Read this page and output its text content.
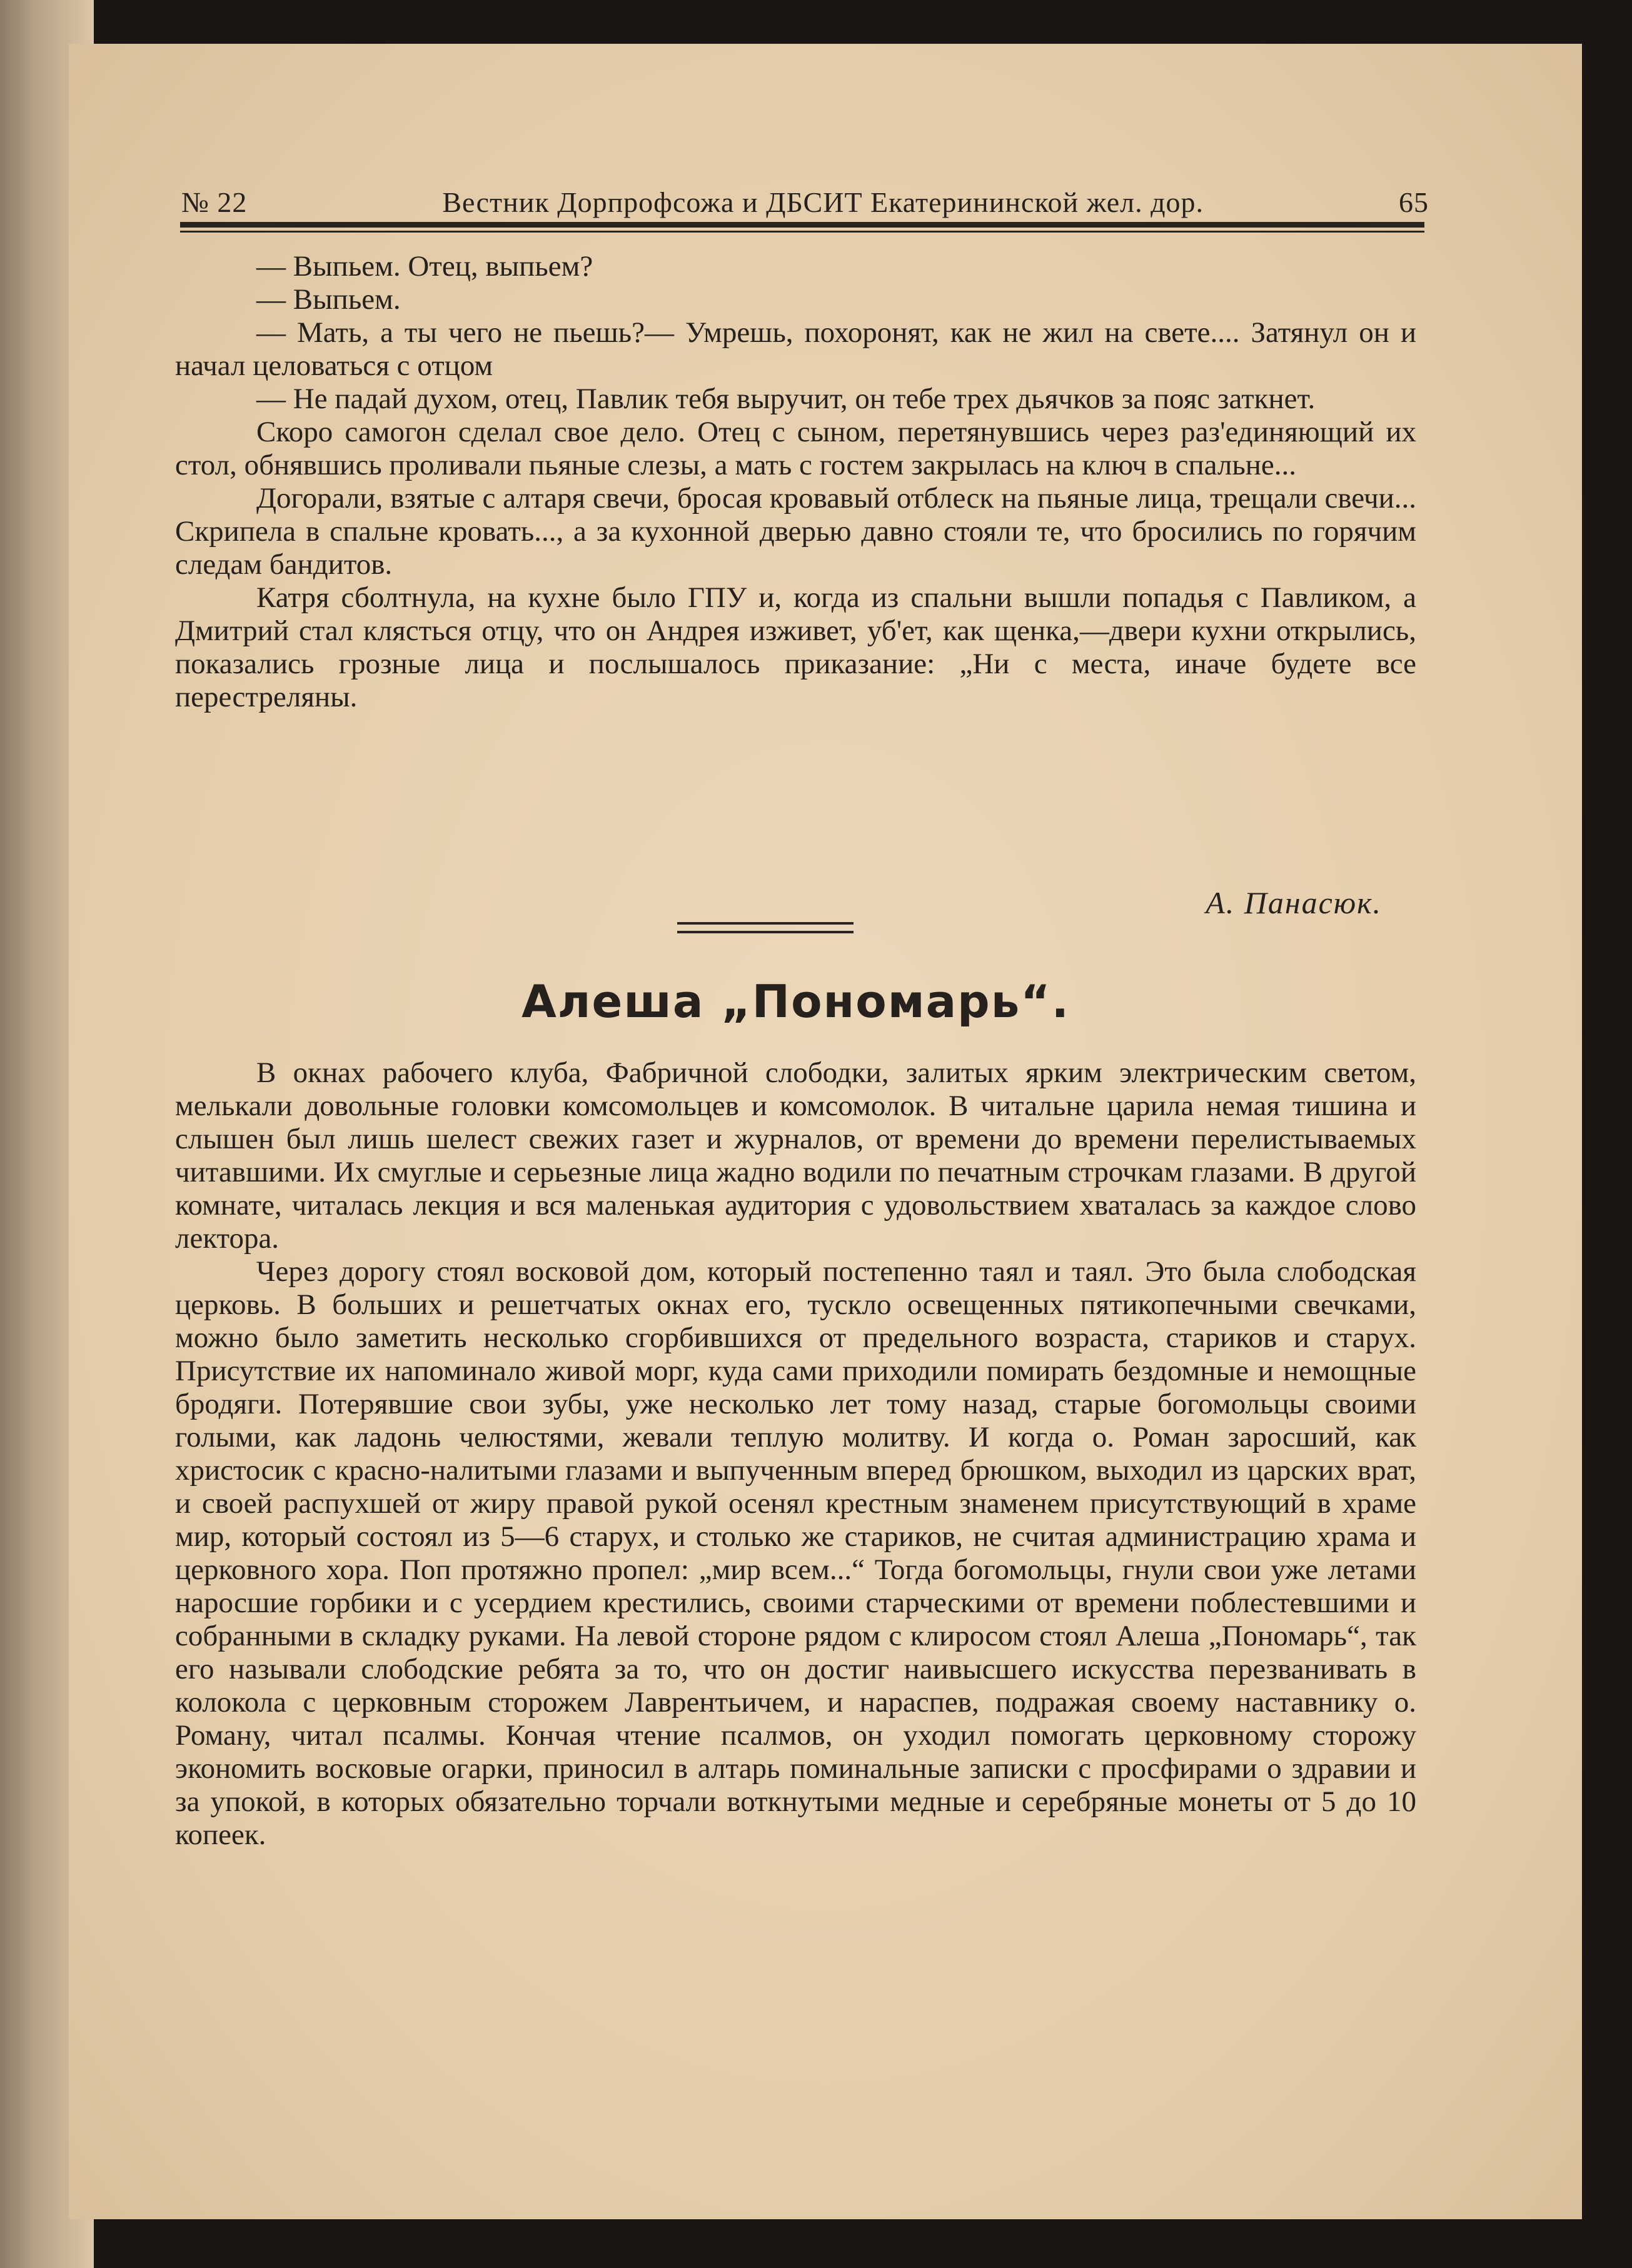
№ 22	Вестник Дорпрофсожа и ДБСИТ Екатерининской жел. дор.	65

— Выпьем. Отец, выпьем?

— Выпьем.

— Мать, а ты чего не пьешь?— Умрешь, похоронят, как не жил на свете.... Затянул он и начал целоваться с отцом

— Не падай духом, отец, Павлик тебя выручит, он тебе трех дьячков за пояс заткнет.

Скоро самогон сделал свое дело. Отец с сыном, перетянувшись через раз'единяющий их стол, обнявшись проливали пьяные слезы, а мать с гостем закрылась на ключ в спальне...

Догорали, взятые с алтаря свечи, бросая кровавый отблеск на пьяные лица, трещали свечи... Скрипела в спальне кровать..., а за кухонной дверью давно стояли те, что бросились по горячим следам бандитов.

Катря сболтнула, на кухне было ГПУ и, когда из спальни вышли попадья с Павликом, а Дмитрий стал клясться отцу, что он Андрея изживет, уб'ет, как щенка,—двери кухни открылись, показались грозные лица и послышалось приказание: „Ни с места, иначе будете все перестреляны.

А. Панасюк.
Алеша „Пономарь“.

В окнах рабочего клуба, Фабричной слободки, залитых ярким электрическим светом, мелькали довольные головки комсомольцев и комсомолок. В читальне царила немая тишина и слышен был лишь шелест свежих газет и журналов, от времени до времени перелистываемых читавшими. Их смуглые и серьезные лица жадно водили по печатным строчкам глазами. В другой комнате, читалась лекция и вся маленькая аудитория с удовольствием хваталась за каждое слово лектора.

Через дорогу стоял восковой дом, который постепенно таял и таял. Это была слободская церковь. В больших и решетчатых окнах его, тускло освещенных пятикопечными свечками, можно было заметить несколько сгорбившихся от предельного возраста, стариков и старух. Присутствие их напоминало живой морг, куда сами приходили помирать бездомные и немощные бродяги. Потерявшие свои зубы, уже несколько лет тому назад, старые богомольцы своими голыми, как ладонь челюстями, жевали теплую молитву. И когда о. Роман заросший, как христосик с красно-налитыми глазами и выпученным вперед брюшком, выходил из царских врат, и своей распухшей от жиру правой рукой осенял крестным знаменем присутствующий в храме мир, который состоял из 5—6 старух, и столько же стариков, не считая администрацию храма и церковного хора. Поп протяжно пропел: „мир всем...“ Тогда богомольцы, гнули свои уже летами наросшие горбики и с усердием крестились, своими старческими от времени поблестевшими и собранными в складку руками. На левой стороне рядом с клиросом стоял Алеша „Пономарь“, так его называли слободские ребята за то, что он достиг наивысшего искусства перезванивать в колокола с церковным сторожем Лаврентьичем, и нараспев, подражая своему наставнику о. Роману, читал псалмы. Кончая чтение псалмов, он уходил помогать церковному сторожу экономить восковые огарки, приносил в алтарь поминальные записки с просфирами о здравии и за упокой, в которых обязательно торчали воткнутыми медные и серебряные монеты от 5 до 10 копеек.
